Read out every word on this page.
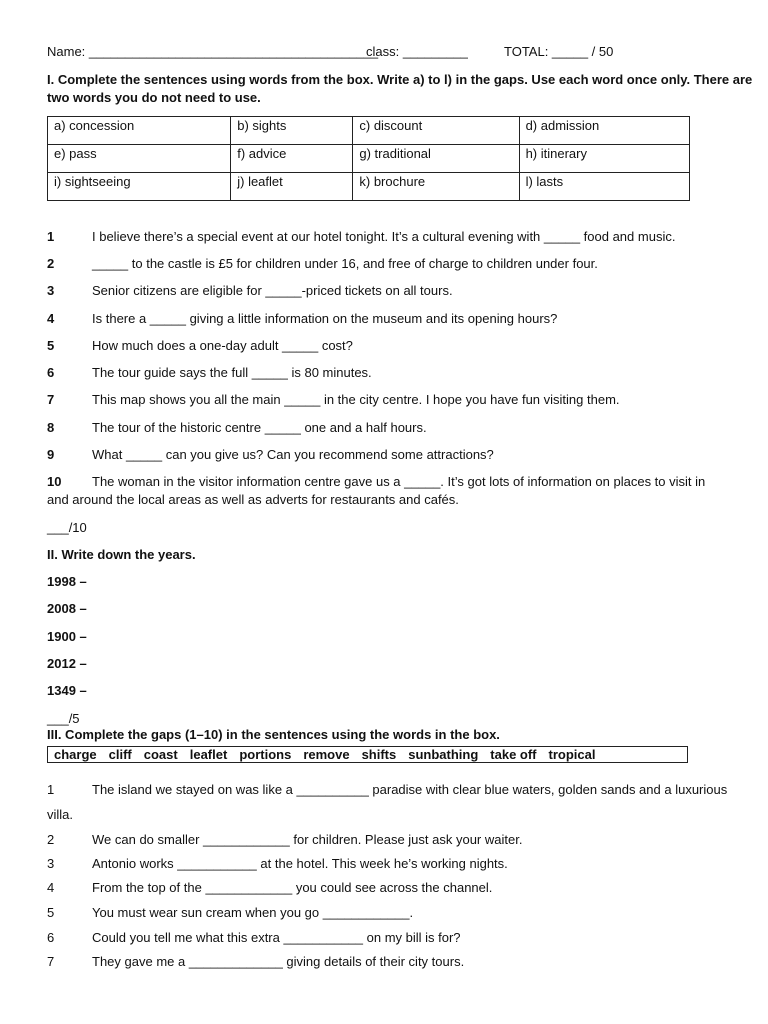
Name: ________________________________________
class: _________	TOTAL: _____ / 50
I. Complete the sentences using words from the box. Write a) to l) in the gaps. Use each word once only. There are
two words you do not need to use.
a) concession	b) sights	c) discount	d) admission
e) pass	f) advice	g) traditional	h) itinerary
i) sightseeing	j) leaflet	k) brochure	l) lasts
1	I believe there’s a special event at our hotel tonight. It’s a cultural evening with _____ food and music.
2	_____ to the castle is £5 for children under 16, and free of charge to children under four.
3	Senior citizens are eligible for _____-priced tickets on all tours.
4	Is there a _____ giving a little information on the museum and its opening hours?
5	How much does a one-day adult _____ cost?
6	The tour guide says the full _____ is 80 minutes.
7	This map shows you all the main _____ in the city centre. I hope you have fun visiting them.
8	The tour of the historic centre _____ one and a half hours.
9	What _____ can you give us? Can you recommend some attractions?
10 The woman in the visitor information centre gave us a _____. It’s got lots of information on places to visit in
and around the local areas as well as adverts for restaurants and cafés.
___/10
II. Write down the years.
1998 –
2008 –
1900 –
2012 –
1349 –
___/5
III. Complete the gaps (1–10) in the sentences using the words in the box.
charge cliff coast leaflet portions remove shifts sunbathing take off tropical
1	The island we stayed on was like a __________ paradise with clear blue waters, golden sands and a luxurious
villa.
2	We can do smaller ____________ for children. Please just ask your waiter.
3	Antonio works ___________ at the hotel. This week he’s working nights.
4	From the top of the ____________ you could see across the channel.
5	You must wear sun cream when you go ____________.
6	Could you tell me what this extra ___________ on my bill is for?
7	They gave me a _____________ giving details of their city tours.
